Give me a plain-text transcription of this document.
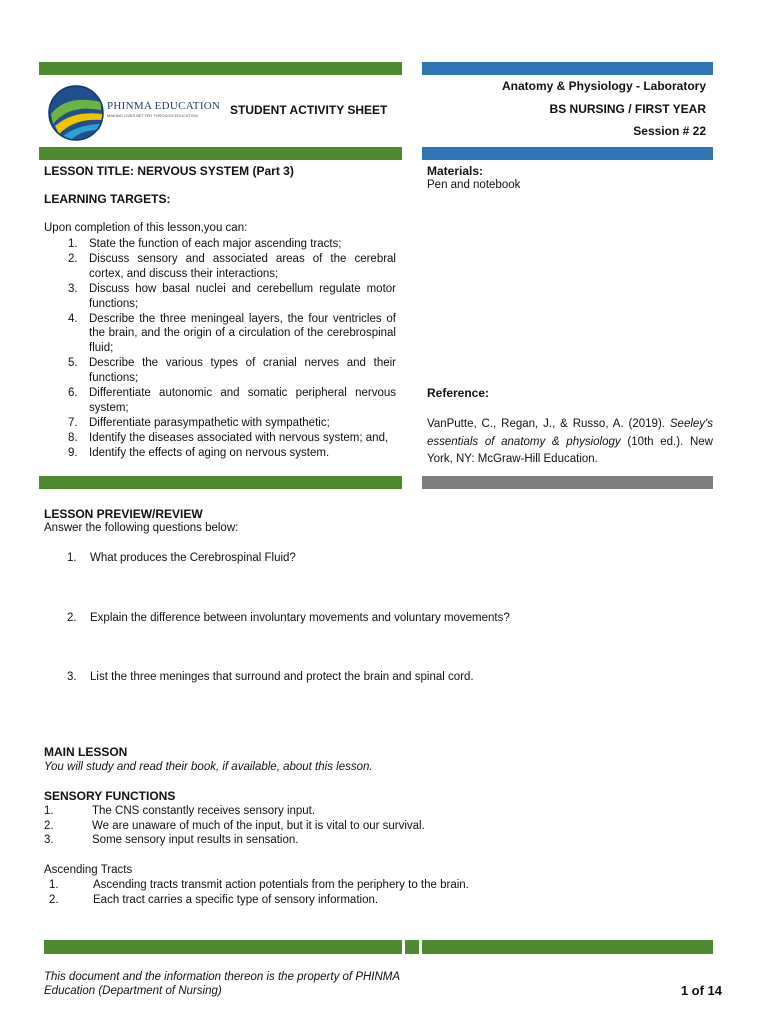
PHINMA EDUCATION
MAKING LIVES BETTER THROUGH EDUCATION	STUDENT ACTIVITY SHEET
Anatomy & Physiology - Laboratory
BS NURSING / FIRST YEAR
Session # 22
LESSON TITLE: NERVOUS SYSTEM (Part 3)
LEARNING TARGETS:
Upon completion of this lesson,you can:
1. State the function of each major ascending tracts;
2. Discuss sensory and associated areas of the cerebral cortex, and discuss their interactions;
3. Discuss how basal nuclei and cerebellum regulate motor functions;
4. Describe the three meningeal layers, the four ventricles of the brain, and the origin of a circulation of the cerebrospinal fluid;
5. Describe the various types of cranial nerves and their functions;
6. Differentiate autonomic and somatic peripheral nervous system;
7. Differentiate parasympathetic with sympathetic;
8. Identify the diseases associated with nervous system; and,
9. Identify the effects of aging on nervous system.
Materials:
Pen and notebook
Reference:
VanPutte, C., Regan, J., & Russo, A. (2019). Seeley's essentials of anatomy & physiology (10th ed.). New York, NY: McGraw-Hill Education.
LESSON PREVIEW/REVIEW
Answer the following questions below:
1. What produces the Cerebrospinal Fluid?
2. Explain the difference between involuntary movements and voluntary movements?
3. List the three meninges that surround and protect the brain and spinal cord.
MAIN LESSON
You will study and read their book, if available, about this lesson.
SENSORY FUNCTIONS
1.	The CNS constantly receives sensory input.
2.	We are unaware of much of the input, but it is vital to our survival.
3.	Some sensory input results in sensation.
Ascending Tracts
1.	Ascending tracts transmit action potentials from the periphery to the brain.
2.	Each tract carries a specific type of sensory information.
This document and the information thereon is the property of PHINMA
Education (Department of Nursing)	1 of 14
